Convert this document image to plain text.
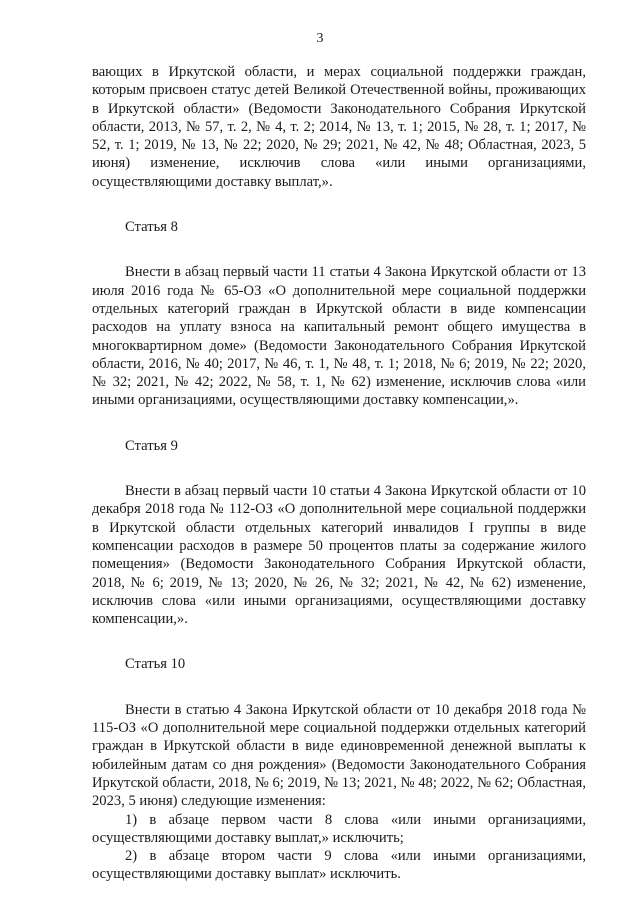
3

вающих в Иркутской области, и мерах социальной поддержки граждан, которым присвоен статус детей Великой Отечественной войны, проживающих в Иркутской области» (Ведомости Законодательного Собрания Иркутской области, 2013, № 57, т. 2, № 4, т. 2; 2014, № 13, т. 1; 2015, № 28, т. 1; 2017, № 52, т. 1; 2019, № 13, № 22; 2020, № 29; 2021, № 42, № 48; Областная, 2023, 5 июня) изменение, исключив слова «или иными организациями, осуществляющими доставку выплат,».

Статья 8

Внести в абзац первый части 11 статьи 4 Закона Иркутской области от 13 июля 2016 года № 65-ОЗ «О дополнительной мере социальной поддержки отдельных категорий граждан в Иркутской области в виде компенсации расходов на уплату взноса на капитальный ремонт общего имущества в многоквартирном доме» (Ведомости Законодательного Собрания Иркутской области, 2016, № 40; 2017, № 46, т. 1, № 48, т. 1; 2018, № 6; 2019, № 22; 2020, № 32; 2021, № 42; 2022, № 58, т. 1, № 62) изменение, исключив слова «или иными организациями, осуществляющими доставку компенсации,».

Статья 9

Внести в абзац первый части 10 статьи 4 Закона Иркутской области от 10 декабря 2018 года № 112-ОЗ «О дополнительной мере социальной поддержки в Иркутской области отдельных категорий инвалидов I группы в виде компенсации расходов в размере 50 процентов платы за содержание жилого помещения» (Ведомости Законодательного Собрания Иркутской области, 2018, № 6; 2019, № 13; 2020, № 26, № 32; 2021, № 42, № 62) изменение, исключив слова «или иными организациями, осуществляющими доставку компенсации,».

Статья 10

Внести в статью 4 Закона Иркутской области от 10 декабря 2018 года № 115-ОЗ «О дополнительной мере социальной поддержки отдельных категорий граждан в Иркутской области в виде единовременной денежной выплаты к юбилейным датам со дня рождения» (Ведомости Законодательного Собрания Иркутской области, 2018, № 6; 2019, № 13; 2021, № 48; 2022, № 62; Областная, 2023, 5 июня) следующие изменения:

1) в абзаце первом части 8 слова «или иными организациями, осуществляющими доставку выплат,» исключить;

2) в абзаце втором части 9 слова «или иными организациями, осуществляющими доставку выплат» исключить.
